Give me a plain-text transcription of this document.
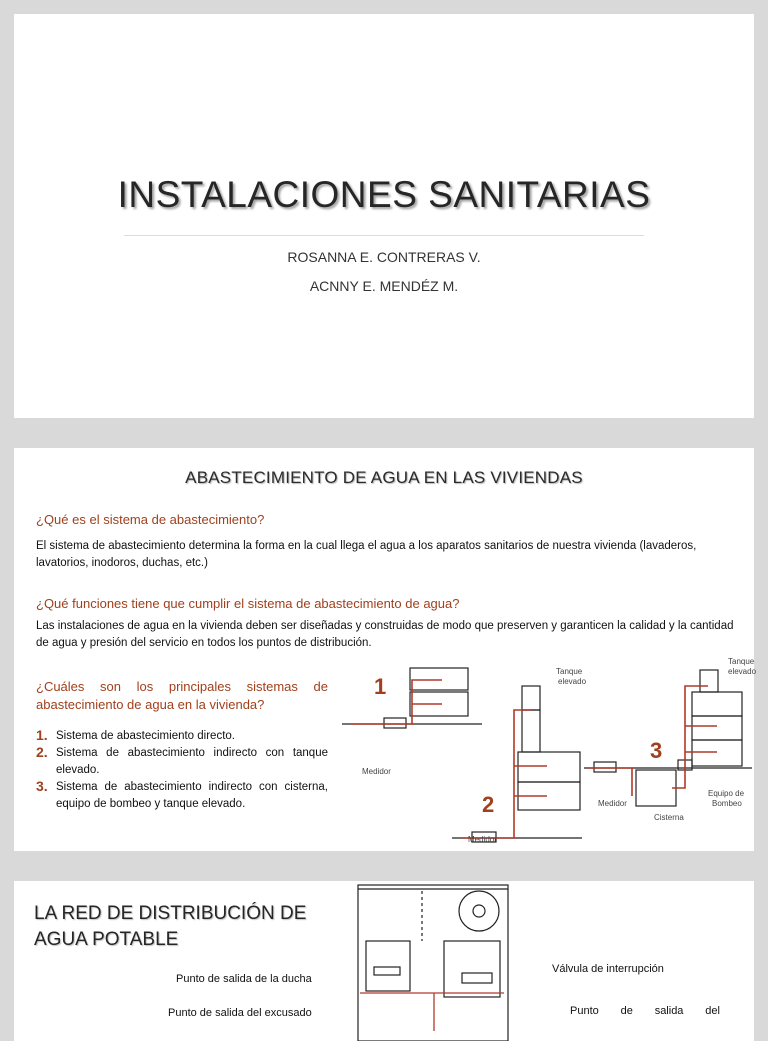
INSTALACIONES SANITARIAS
ROSANNA E. CONTRERAS V.
ACNNY E. MENDÉZ M.
ABASTECIMIENTO DE AGUA EN LAS VIVIENDAS
¿Qué es el sistema de abastecimiento?
El sistema de abastecimiento determina la forma en la cual llega el agua a los aparatos sanitarios de nuestra vivienda (lavaderos, lavatorios, inodoros, duchas, etc.)
¿Qué funciones tiene que cumplir el sistema de abastecimiento de agua?
Las instalaciones de agua en la vivienda deben ser diseñadas y construidas de modo que preserven y garanticen la calidad y la cantidad de agua y presión del servicio en todos los puntos de distribución.
¿Cuáles son los principales sistemas de abastecimiento de agua en la vivienda?
1. Sistema de abastecimiento directo.
2. Sistema de abastecimiento indirecto con tanque elevado.
3. Sistema de abastecimiento indirecto con cisterna, equipo de bombeo y tanque elevado.
1
2
3
Medidor
Medidor
Medidor
Tanque
elevado
Tanque
elevado
Cisterna
Equipo de
Bombeo
LA RED DE DISTRIBUCIÓN DE AGUA POTABLE
Punto de salida de la ducha
Punto de salida del excusado
Válvula de interrupción
Punto de salida del
